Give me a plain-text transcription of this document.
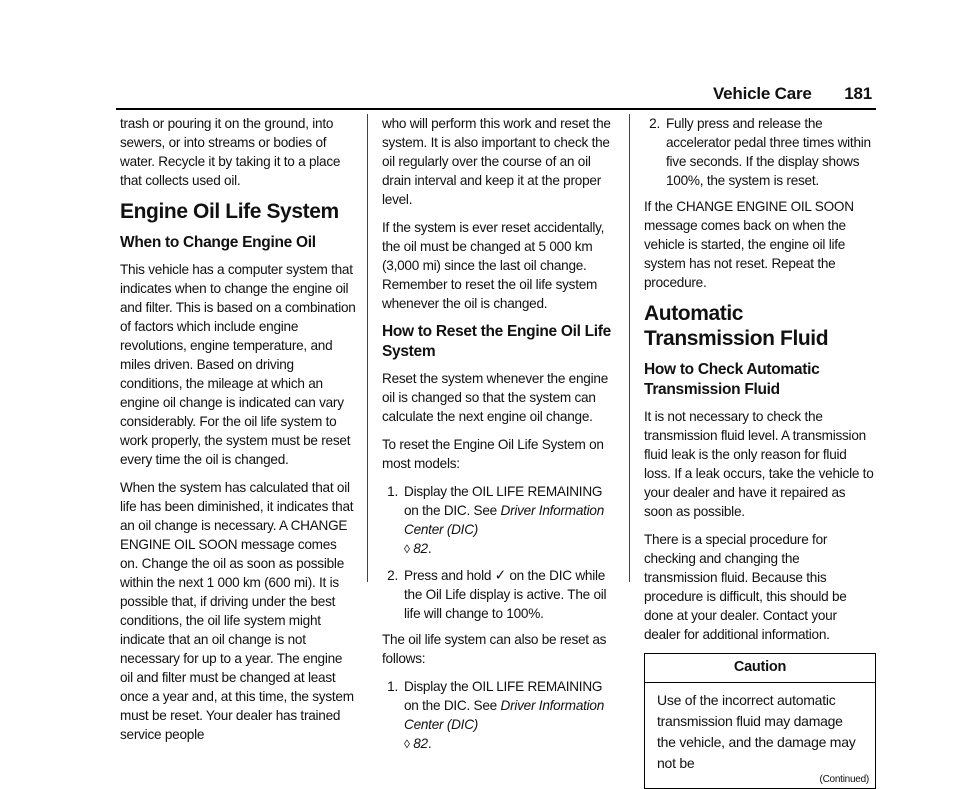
Vehicle Care 181

trash or pouring it on the ground, into sewers, or into streams or bodies of water. Recycle it by taking it to a place that collects used oil.

Engine Oil Life System
When to Change Engine Oil

This vehicle has a computer system that indicates when to change the engine oil and filter. This is based on a combination of factors which include engine revolutions, engine temperature, and miles driven. Based on driving conditions, the mileage at which an engine oil change is indicated can vary considerably. For the oil life system to work properly, the system must be reset every time the oil is changed.

When the system has calculated that oil life has been diminished, it indicates that an oil change is necessary. A CHANGE ENGINE OIL SOON message comes on. Change the oil as soon as possible within the next 1 000 km (600 mi). It is possible that, if driving under the best conditions, the oil life system might indicate that an oil change is not necessary for up to a year. The engine oil and filter must be changed at least once a year and, at this time, the system must be reset. Your dealer has trained service people

who will perform this work and reset the system. It is also important to check the oil regularly over the course of an oil drain interval and keep it at the proper level.

If the system is ever reset accidentally, the oil must be changed at 5 000 km (3,000 mi) since the last oil change. Remember to reset the oil life system whenever the oil is changed.

How to Reset the Engine Oil Life System

Reset the system whenever the engine oil is changed so that the system can calculate the next engine oil change.

To reset the Engine Oil Life System on most models:

1. Display the OIL LIFE REMAINING on the DIC. See Driver Information Center (DIC)
◊ 82.
2. Press and hold ✓ on the DIC while the Oil Life display is active. The oil life will change to 100%.

The oil life system can also be reset as follows:

1. Display the OIL LIFE REMAINING on the DIC. See Driver Information Center (DIC)
◊ 82.
2. Fully press and release the accelerator pedal three times within five seconds. If the display shows 100%, the system is reset.

If the CHANGE ENGINE OIL SOON message comes back on when the vehicle is started, the engine oil life system has not reset. Repeat the procedure.

Automatic Transmission Fluid
How to Check Automatic Transmission Fluid

It is not necessary to check the transmission fluid level. A transmission fluid leak is the only reason for fluid loss. If a leak occurs, take the vehicle to your dealer and have it repaired as soon as possible.

There is a special procedure for checking and changing the transmission fluid. Because this procedure is difficult, this should be done at your dealer. Contact your dealer for additional information.

Caution
Use of the incorrect automatic transmission fluid may damage the vehicle, and the damage may not be
(Continued)
